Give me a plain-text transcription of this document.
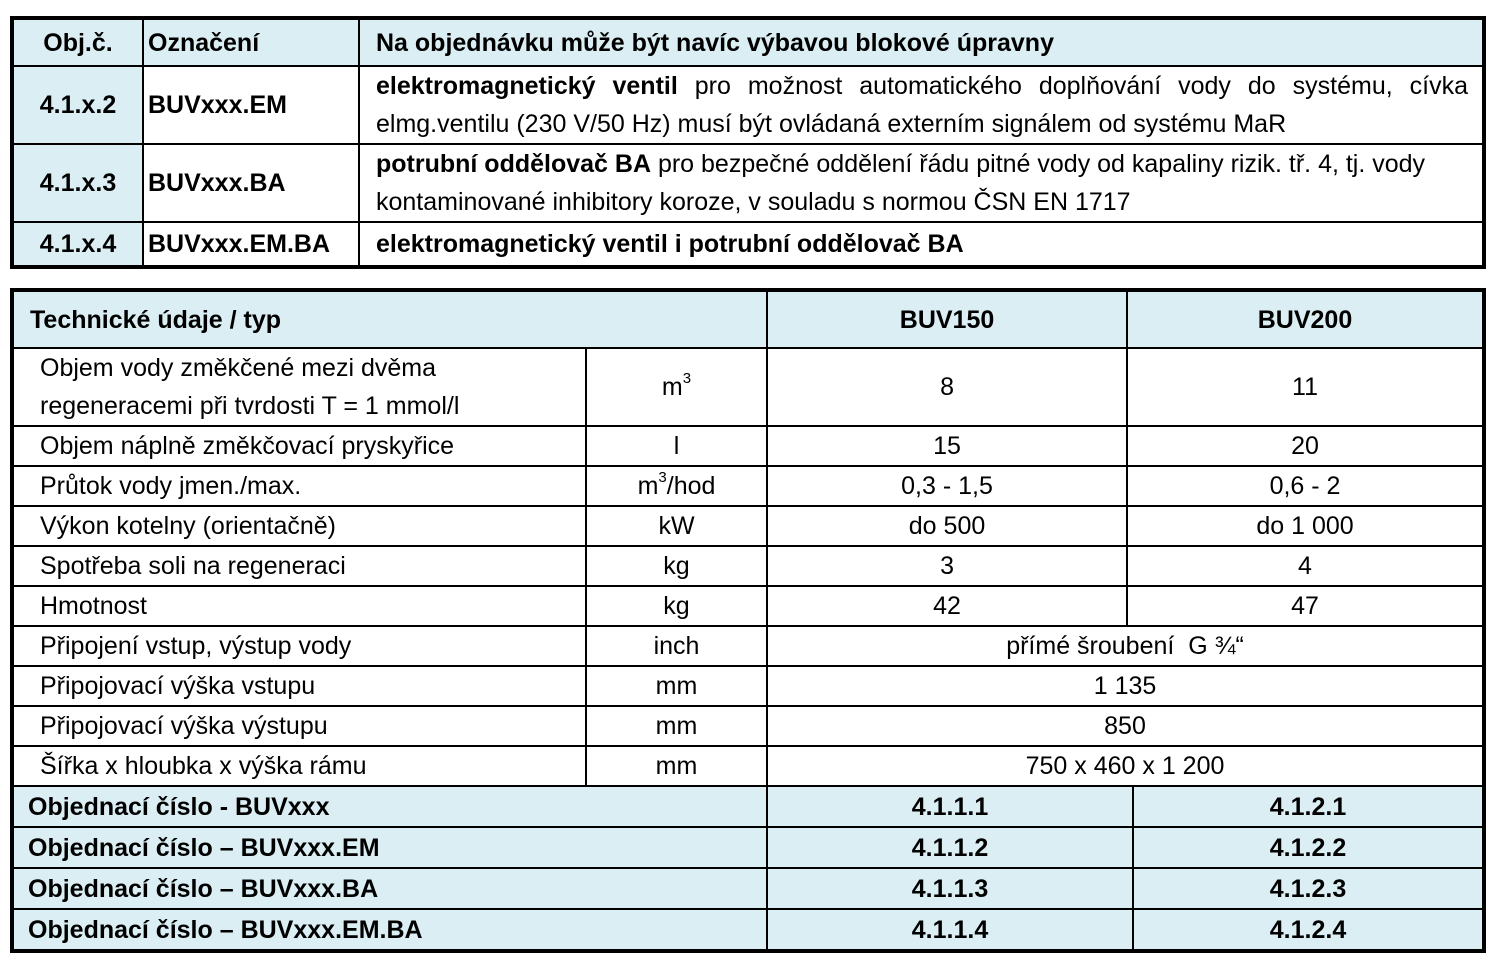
Obj.č.	Označení	Na objednávku může být navíc výbavou blokové úpravny
4.1.x.2	BUVxxx.EM	elektromagnetický ventil pro možnost automatického doplňování vody do systému, cívka elmg.ventilu (230 V/50 Hz) musí být ovládaná externím signálem od systému MaR
4.1.x.3	BUVxxx.BA	potrubní oddělovač BA pro bezpečné oddělení řádu pitné vody od kapaliny rizik. tř. 4, tj. vody kontaminované inhibitory koroze, v souladu s normou ČSN EN 1717
4.1.x.4	BUVxxx.EM.BA	elektromagnetický ventil i potrubní oddělovač BA
Technické údaje / typ		BUV150	BUV200	
Objem vody změkčené mezi dvěma regeneracemi při tvrdosti T = 1 mmol/l	$m^3$	8	11	
Objem náplně změkčovací pryskyřice	l	15	20	
Průtok vody jmen./max.	$m^3$/hod	0,3 - 1,5	0,6 - 2	
Výkon kotelny (orientačně)	kW	do 500	do 1 000	
Spotřeba soli na regeneraci	kg	3	4	
Hmotnost	kg	42	47	
Připojení vstup, výstup vody	inch	přímé šroubení  G ¾“		
Připojovací výška vstupu	mm	1 135		
Připojovací výška výstupu	mm	850		
Šířka x hloubka x výška rámu	mm	750 x 460 x 1 200		
Objednací číslo - BUVxxx		4.1.1.1		4.1.2.1
Objednací číslo – BUVxxx.EM		4.1.1.2		4.1.2.2
Objednací číslo – BUVxxx.BA		4.1.1.3		4.1.2.3
Objednací číslo – BUVxxx.EM.BA		4.1.1.4		4.1.2.4
